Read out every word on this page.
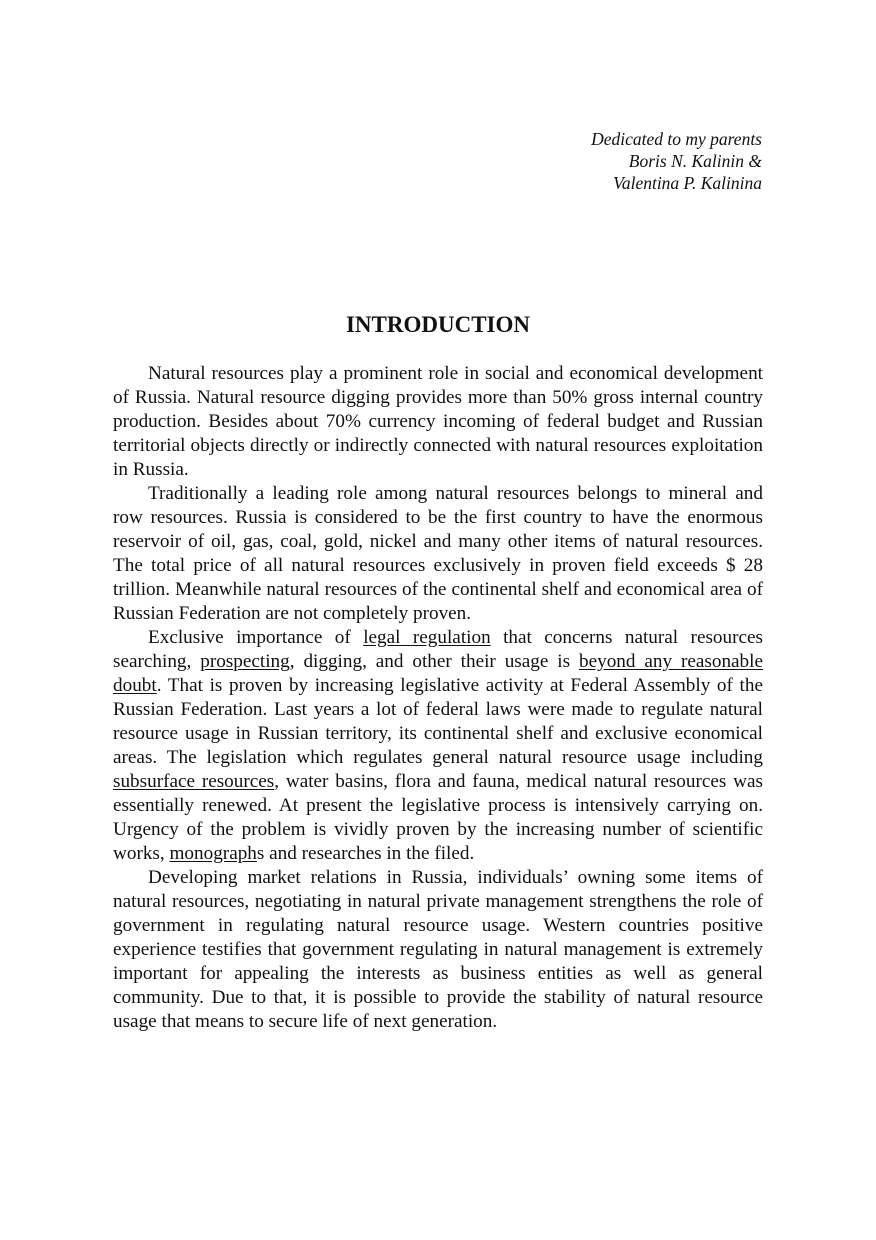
Dedicated to my parents
Boris N. Kalinin &
Valentina P. Kalinina
INTRODUCTION

Natural resources play a prominent role in social and economical development of Russia. Natural resource digging provides more than 50% gross internal country production. Besides about 70% currency incoming of federal budget and Russian territorial objects directly or indirectly connected with natural resources exploitation in Russia.

Traditionally a leading role among natural resources belongs to mineral and row resources. Russia is considered to be the first country to have the enormous reservoir of oil, gas, coal, gold, nickel and many other items of natural resources. The total price of all natural resources exclusively in proven field exceeds $ 28 trillion. Meanwhile natural resources of the continental shelf and economical area of Russian Federation are not completely proven.

Exclusive importance of legal regulation that concerns natural resources searching, prospecting, digging, and other their usage is beyond any reasonable doubt. That is proven by increasing legislative activity at Federal Assembly of the Russian Federation. Last years a lot of federal laws were made to regulate natural resource usage in Russian territory, its continental shelf and exclusive economical areas. The legislation which regulates general natural resource usage including subsurface resources, water basins, flora and fauna, medical natural resources was essentially renewed. At present the legislative process is intensively carrying on. Urgency of the problem is vividly proven by the increasing number of scientific works, monographs and researches in the filed.

Developing market relations in Russia, individuals’ owning some items of natural resources, negotiating in natural private management strengthens the role of government in regulating natural resource usage. Western countries positive experience testifies that government regulating in natural management is extremely important for appealing the interests as business entities as well as general community. Due to that, it is possible to provide the stability of natural resource usage that means to secure life of next generation.
